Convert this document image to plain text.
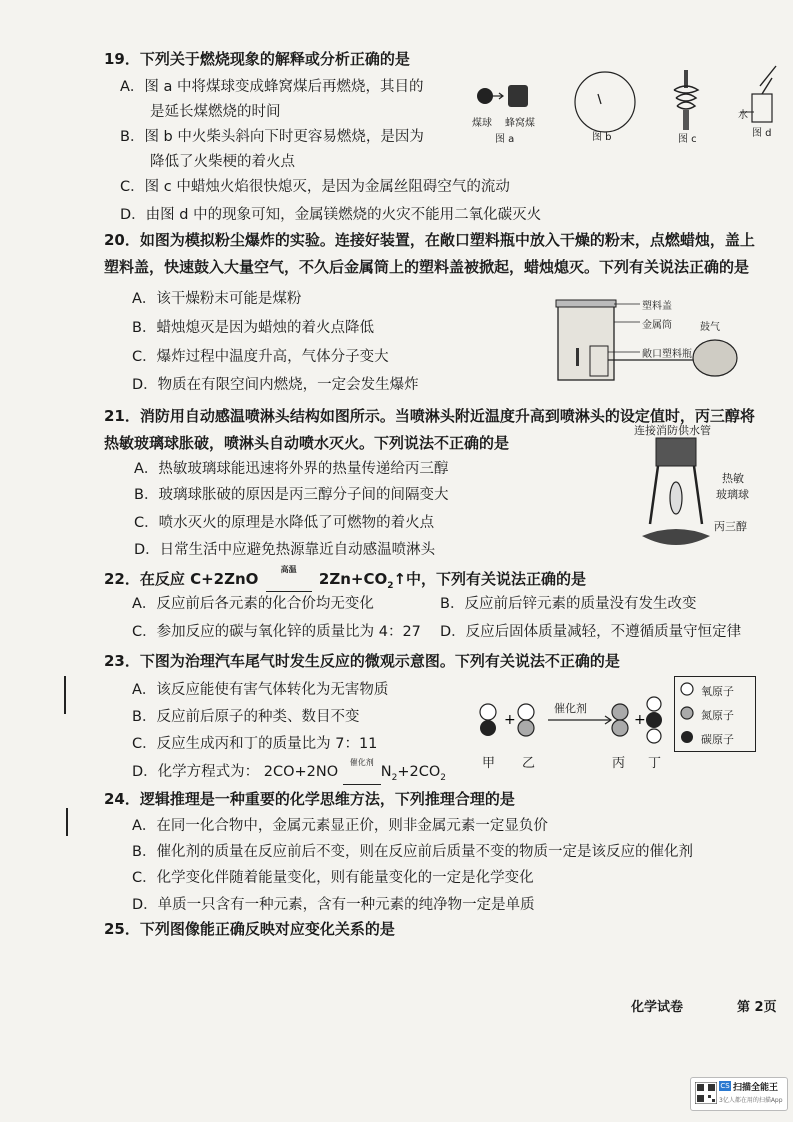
19．下列关于燃烧现象的解释或分析正确的是
A．图 a 中将煤球变成蜂窝煤后再燃烧，其目的
是延长煤燃烧的时间
B．图 b 中火柴头斜向下时更容易燃烧，是因为
降低了火柴梗的着火点
C．图 c 中蜡烛火焰很快熄灭，是因为金属丝阻碍空气的流动
D．由图 d 中的现象可知，金属镁燃烧的火灾不能用二氧化碳灭火
煤球 蜂窝煤
图 a	图 b	图 c
水
图 d
20．如图为模拟粉尘爆炸的实验。连接好装置，在敞口塑料瓶中放入干燥的粉末，点燃蜡烛，盖上
塑料盖，快速鼓入大量空气，不久后金属筒上的塑料盖被掀起，蜡烛熄灭。下列有关说法正确的是
A．该干燥粉末可能是煤粉
B．蜡烛熄灭是因为蜡烛的着火点降低
C．爆炸过程中温度升高，气体分子变大
D．物质在有限空间内燃烧，一定会发生爆炸
塑料盖
金属筒
敞口塑料瓶
鼓气
21．消防用自动感温喷淋头结构如图所示。当喷淋头附近温度升高到喷淋头的设定值时，丙三醇将
热敏玻璃球胀破，喷淋头自动喷水灭火。下列说法不正确的是
A．热敏玻璃球能迅速将外界的热量传递给丙三醇
B．玻璃球胀破的原因是丙三醇分子间的间隔变大
C．喷水灭火的原理是水降低了可燃物的着火点
D．日常生活中应避免热源靠近自动感温喷淋头
连接消防供水管
热敏
玻璃球
丙三醇
22．在反应 C+2ZnO
高温
$2Zn+CO_2↑$中，下列有关说法正确的是
A．反应前后各元素的化合价均无变化	B．反应前后锌元素的质量没有发生改变
C．参加反应的碳与氧化锌的质量比为 4：27 D．反应后固体质量减轻，不遵循质量守恒定律
23．下图为治理汽车尾气时发生反应的微观示意图。下列有关说法不正确的是
A．该反应能使有害气体转化为无害物质
B．反应前后原子的种类、数目不变
C．反应生成丙和丁的质量比为 7：11
D．化学方程式为： 2CO+2NO
催化剂
$N_2+2CO_2$
+	+
催化剂
甲 乙	丙 丁
氧原子
氮原子
碳原子
24．逻辑推理是一种重要的化学思维方法，下列推理合理的是
A．在同一化合物中，金属元素显正价，则非金属元素一定显负价
B．催化剂的质量在反应前后不变，则在反应前后质量不变的物质一定是该反应的催化剂
C．化学变化伴随着能量变化，则有能量变化的一定是化学变化
D．单质一只含有一种元素，含有一种元素的纯净物一定是单质
25．下列图像能正确反映对应变化关系的是
化学试卷	第 2页
CS 扫描全能王
3亿人都在用的扫描App
